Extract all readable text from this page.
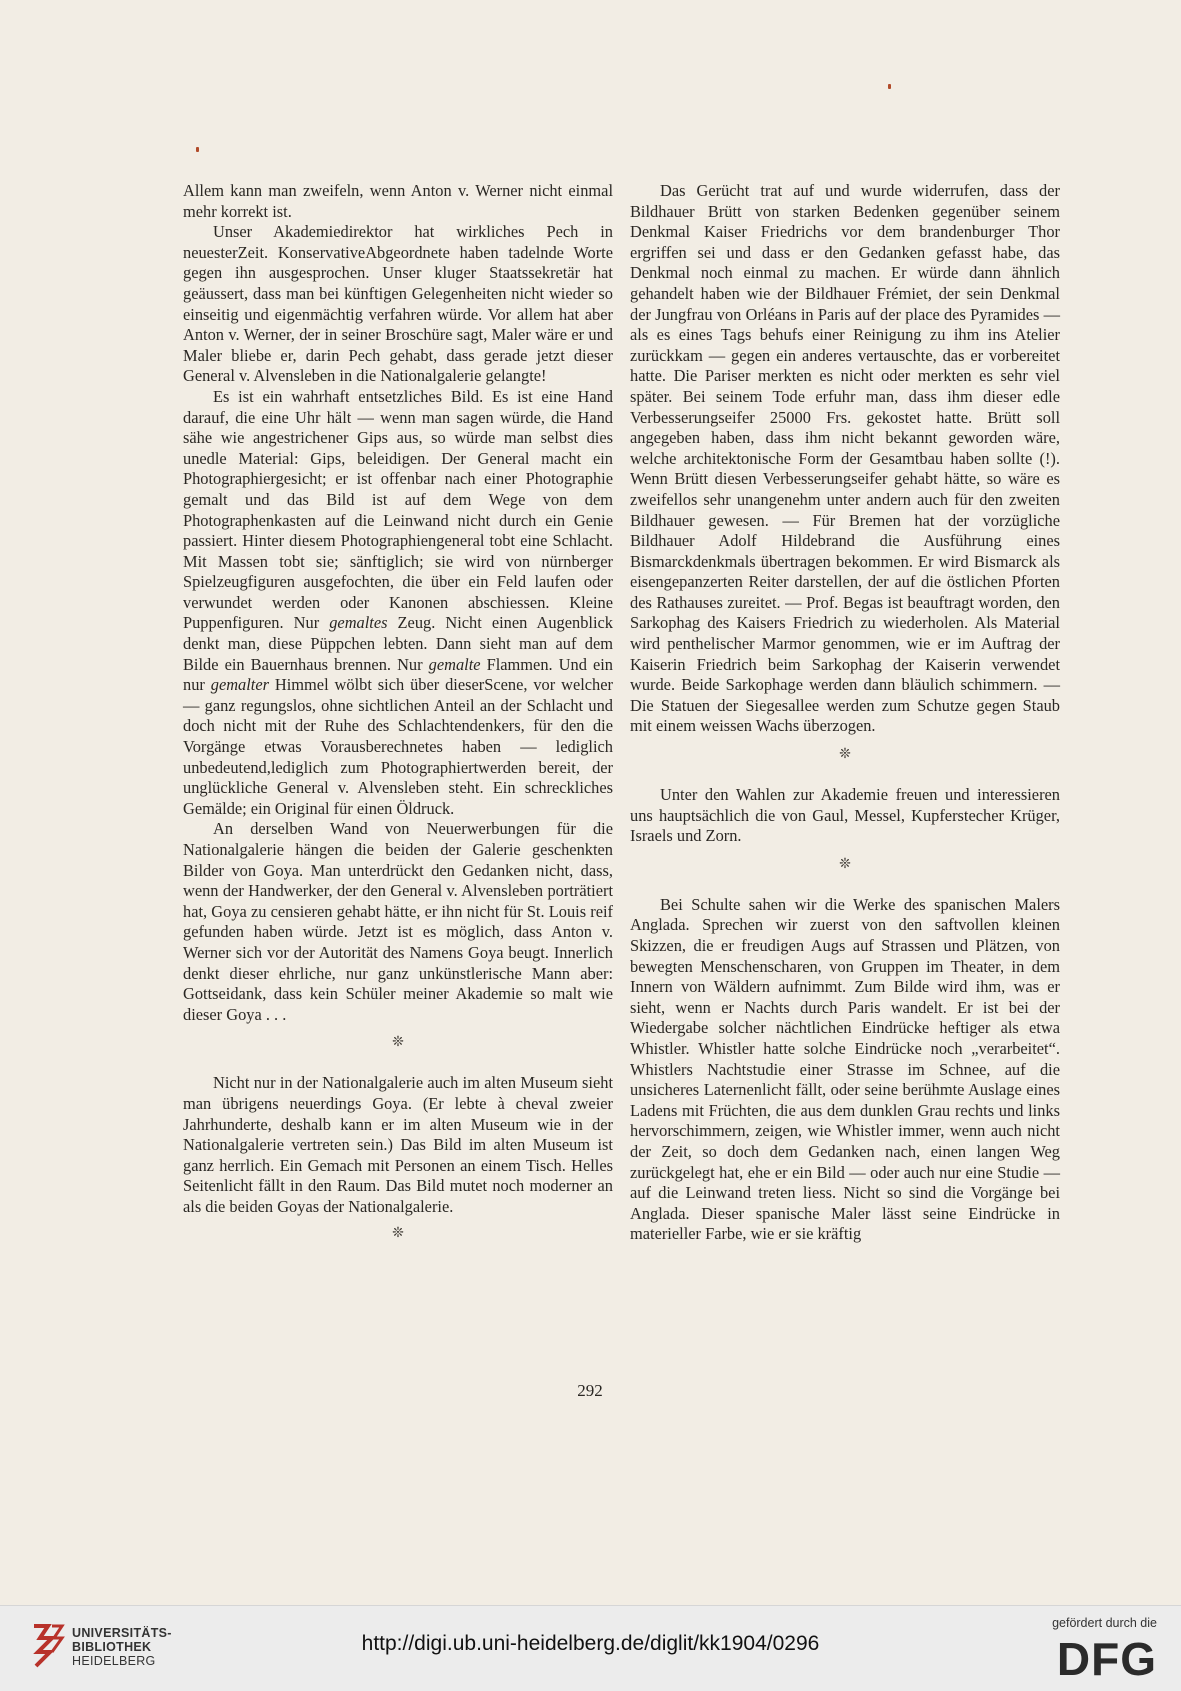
Allem kann man zweifeln, wenn Anton v. Werner nicht einmal mehr korrekt ist.

Unser Akademiedirektor hat wirkliches Pech in neuesterZeit. KonservativeAbgeordnete haben tadelnde Worte gegen ihn ausgesprochen. Unser kluger Staatssekretär hat geäussert, dass man bei künftigen Gelegenheiten nicht wieder so einseitig und eigenmächtig verfahren würde. Vor allem hat aber Anton v. Werner, der in seiner Broschüre sagt, Maler wäre er und Maler bliebe er, darin Pech gehabt, dass gerade jetzt dieser General v. Alvensleben in die Nationalgalerie gelangte!

Es ist ein wahrhaft entsetzliches Bild. Es ist eine Hand darauf, die eine Uhr hält — wenn man sagen würde, die Hand sähe wie angestrichener Gips aus, so würde man selbst dies unedle Material: Gips, beleidigen. Der General macht ein Photographiergesicht; er ist offenbar nach einer Photographie gemalt und das Bild ist auf dem Wege von dem Photographenkasten auf die Leinwand nicht durch ein Genie passiert. Hinter diesem Photographiengeneral tobt eine Schlacht. Mit Massen tobt sie; sänftiglich; sie wird von nürnberger Spielzeugfiguren ausgefochten, die über ein Feld laufen oder verwundet werden oder Kanonen abschiessen. Kleine Puppenfiguren. Nur gemaltes Zeug. Nicht einen Augenblick denkt man, diese Püppchen lebten. Dann sieht man auf dem Bilde ein Bauernhaus brennen. Nur gemalte Flammen. Und ein nur gemalter Himmel wölbt sich über dieserScene, vor welcher — ganz regungslos, ohne sichtlichen Anteil an der Schlacht und doch nicht mit der Ruhe des Schlachtendenkers, für den die Vorgänge etwas Vorausberechnetes haben — lediglich unbedeutend,lediglich zum Photographiertwerden bereit, der unglückliche General v. Alvensleben steht. Ein schreckliches Gemälde; ein Original für einen Öldruck.

An derselben Wand von Neuerwerbungen für die Nationalgalerie hängen die beiden der Galerie geschenkten Bilder von Goya. Man unterdrückt den Gedanken nicht, dass, wenn der Handwerker, der den General v. Alvensleben porträtiert hat, Goya zu censieren gehabt hätte, er ihn nicht für St. Louis reif gefunden haben würde. Jetzt ist es möglich, dass Anton v. Werner sich vor der Autorität des Namens Goya beugt. Innerlich denkt dieser ehrliche, nur ganz unkünstlerische Mann aber: Gottseidank, dass kein Schüler meiner Akademie so malt wie dieser Goya . . .

❊

Nicht nur in der Nationalgalerie auch im alten Museum sieht man übrigens neuerdings Goya. (Er lebte à cheval zweier Jahrhunderte, deshalb kann er im alten Museum wie in der Nationalgalerie vertreten sein.) Das Bild im alten Museum ist ganz herrlich. Ein Gemach mit Personen an einem Tisch. Helles Seitenlicht fällt in den Raum. Das Bild mutet noch moderner an als die beiden Goyas der Nationalgalerie.

❊

Das Gerücht trat auf und wurde widerrufen, dass der Bildhauer Brütt von starken Bedenken gegenüber seinem Denkmal Kaiser Friedrichs vor dem brandenburger Thor ergriffen sei und dass er den Gedanken gefasst habe, das Denkmal noch einmal zu machen. Er würde dann ähnlich gehandelt haben wie der Bildhauer Frémiet, der sein Denkmal der Jungfrau von Orléans in Paris auf der place des Pyramides — als es eines Tags behufs einer Reinigung zu ihm ins Atelier zurückkam — gegen ein anderes vertauschte, das er vorbereitet hatte. Die Pariser merkten es nicht oder merkten es sehr viel später. Bei seinem Tode erfuhr man, dass ihm dieser edle Verbesserungseifer 25000 Frs. gekostet hatte. Brütt soll angegeben haben, dass ihm nicht bekannt geworden wäre, welche architektonische Form der Gesamtbau haben sollte (!). Wenn Brütt diesen Verbesserungseifer gehabt hätte, so wäre es zweifellos sehr unangenehm unter andern auch für den zweiten Bildhauer gewesen. — Für Bremen hat der vorzügliche Bildhauer Adolf Hildebrand die Ausführung eines Bismarckdenkmals übertragen bekommen. Er wird Bismarck als eisengepanzerten Reiter darstellen, der auf die östlichen Pforten des Rathauses zureitet. — Prof. Begas ist beauftragt worden, den Sarkophag des Kaisers Friedrich zu wiederholen. Als Material wird penthelischer Marmor genommen, wie er im Auftrag der Kaiserin Friedrich beim Sarkophag der Kaiserin verwendet wurde. Beide Sarkophage werden dann bläulich schimmern. — Die Statuen der Siegesallee werden zum Schutze gegen Staub mit einem weissen Wachs überzogen.

❊

Unter den Wahlen zur Akademie freuen und interessieren uns hauptsächlich die von Gaul, Messel, Kupferstecher Krüger, Israels und Zorn.

❊

Bei Schulte sahen wir die Werke des spanischen Malers Anglada. Sprechen wir zuerst von den saftvollen kleinen Skizzen, die er freudigen Augs auf Strassen und Plätzen, von bewegten Menschenscharen, von Gruppen im Theater, in dem Innern von Wäldern aufnimmt. Zum Bilde wird ihm, was er sieht, wenn er Nachts durch Paris wandelt. Er ist bei der Wiedergabe solcher nächtlichen Eindrücke heftiger als etwa Whistler. Whistler hatte solche Eindrücke noch „verarbeitet“. Whistlers Nachtstudie einer Strasse im Schnee, auf die unsicheres Laternenlicht fällt, oder seine berühmte Auslage eines Ladens mit Früchten, die aus dem dunklen Grau rechts und links hervorschimmern, zeigen, wie Whistler immer, wenn auch nicht der Zeit, so doch dem Gedanken nach, einen langen Weg zurückgelegt hat, ehe er ein Bild — oder auch nur eine Studie — auf die Leinwand treten liess. Nicht so sind die Vorgänge bei Anglada. Dieser spanische Maler lässt seine Eindrücke in materieller Farbe, wie er sie kräftig

292
UNIVERSITÄTS-
BIBLIOTHEK
HEIDELBERG
http://digi.ub.uni-heidelberg.de/diglit/kk1904/0296
gefördert durch die
DFG
